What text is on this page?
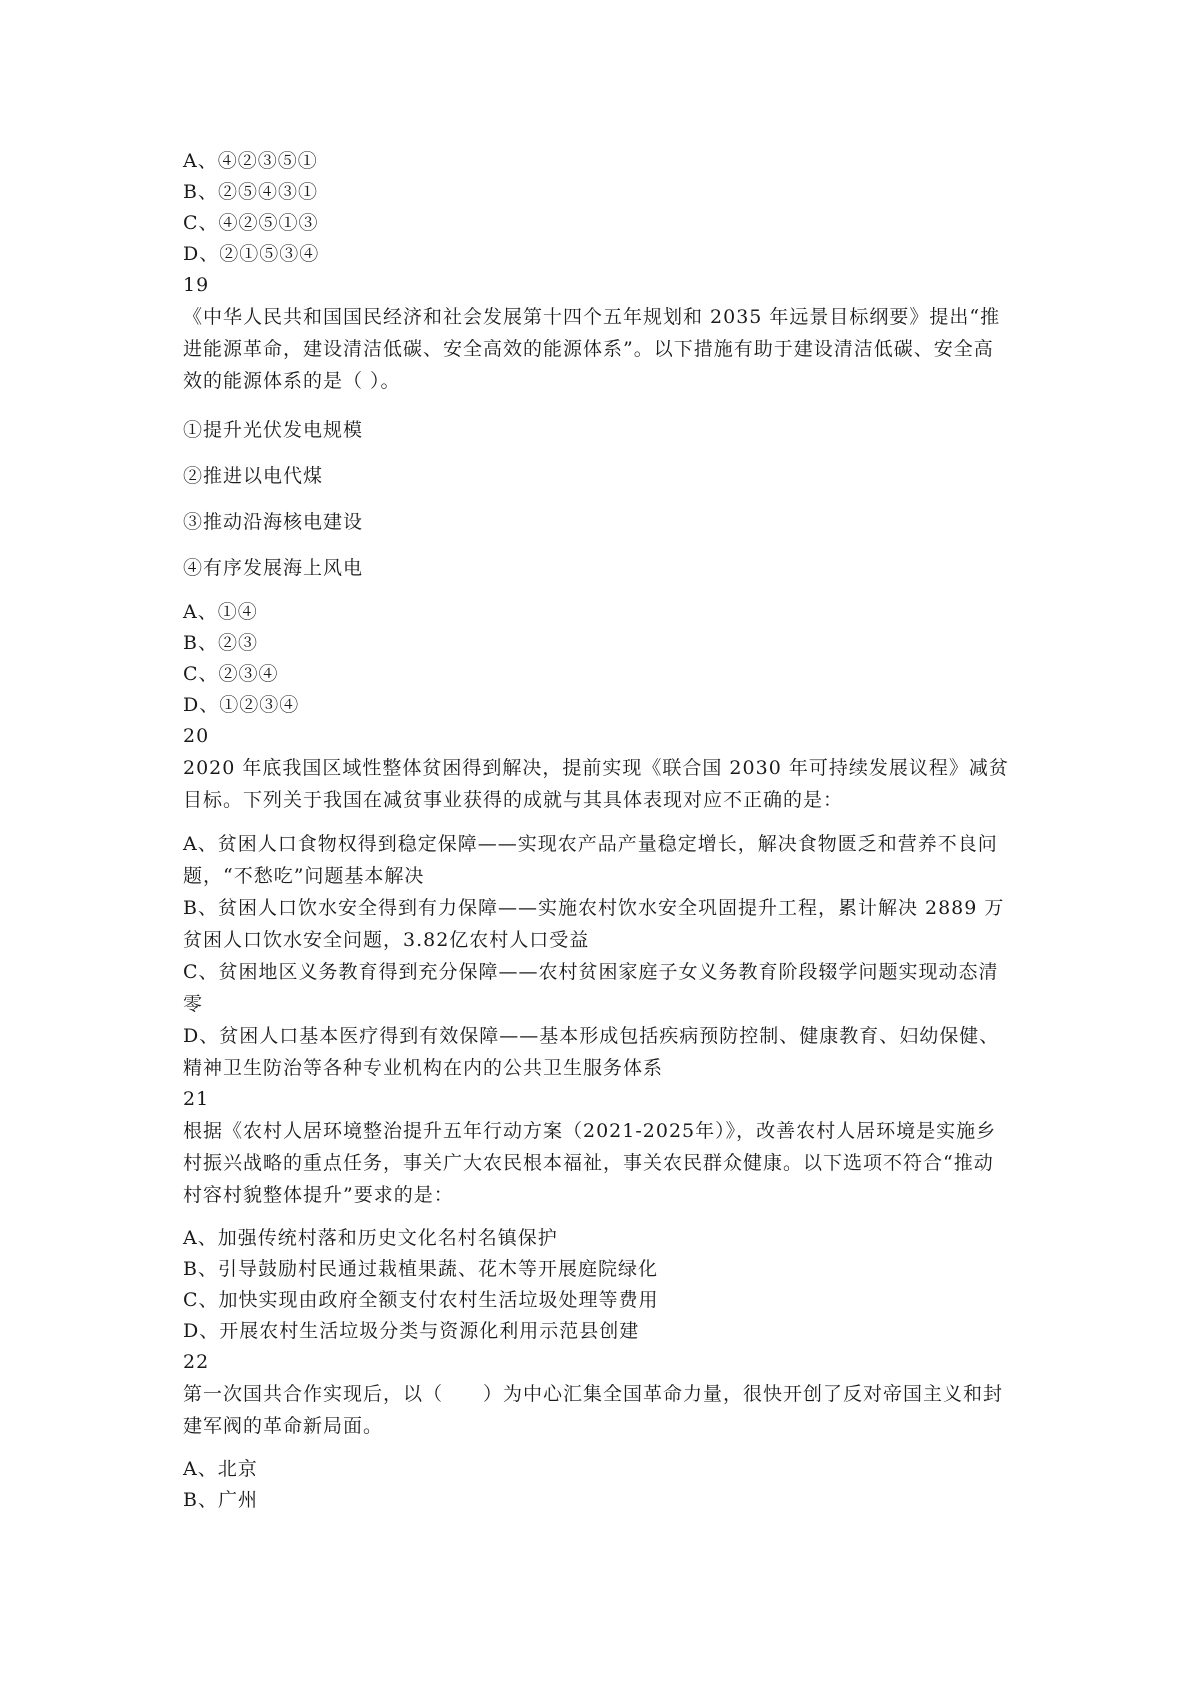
A、④②③⑤①
B、②⑤④③①
C、④②⑤①③
D、②①⑤③④
19
《中华人民共和国国民经济和社会发展第十四个五年规划和 2035 年远景目标纲要》提出“推进能源革命，建设清洁低碳、安全高效的能源体系”。以下措施有助于建设清洁低碳、安全高效的能源体系的是（ ）。
①提升光伏发电规模
②推进以电代煤
③推动沿海核电建设
④有序发展海上风电
A、①④
B、②③
C、②③④
D、①②③④
20
2020 年底我国区域性整体贫困得到解决，提前实现《联合国 2030 年可持续发展议程》减贫目标。下列关于我国在减贫事业获得的成就与其具体表现对应不正确的是：
A、贫困人口食物权得到稳定保障——实现农产品产量稳定增长，解决食物匮乏和营养不良问题，“不愁吃”问题基本解决
B、贫困人口饮水安全得到有力保障——实施农村饮水安全巩固提升工程，累计解决 2889 万贫困人口饮水安全问题，3.82亿农村人口受益
C、贫困地区义务教育得到充分保障——农村贫困家庭子女义务教育阶段辍学问题实现动态清零
D、贫困人口基本医疗得到有效保障——基本形成包括疾病预防控制、健康教育、妇幼保健、精神卫生防治等各种专业机构在内的公共卫生服务体系
21
根据《农村人居环境整治提升五年行动方案（2021-2025年）》，改善农村人居环境是实施乡村振兴战略的重点任务，事关广大农民根本福祉，事关农民群众健康。以下选项不符合“推动村容村貌整体提升”要求的是：
A、加强传统村落和历史文化名村名镇保护
B、引导鼓励村民通过栽植果蔬、花木等开展庭院绿化
C、加快实现由政府全额支付农村生活垃圾处理等费用
D、开展农村生活垃圾分类与资源化利用示范县创建
22
第一次国共合作实现后，以（　　）为中心汇集全国革命力量，很快开创了反对帝国主义和封建军阀的革命新局面。
A、北京
B、广州
